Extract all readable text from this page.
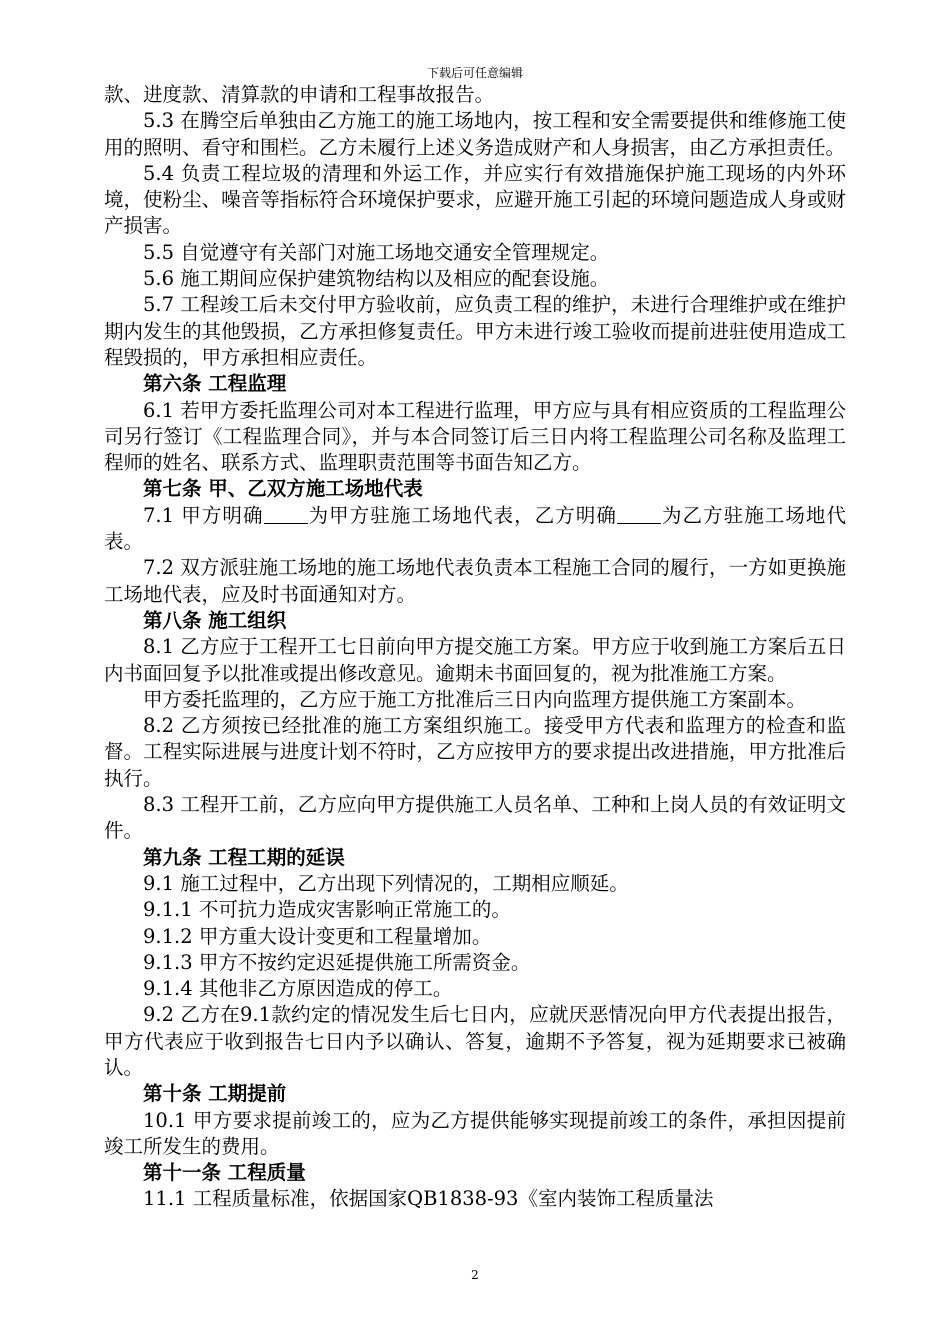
下载后可任意编辑

款、进度款、清算款的申请和工程事故报告。

5.3 在腾空后单独由乙方施工的施工场地内，按工程和安全需要提供和维修施工使用的照明、看守和围栏。乙方未履行上述义务造成财产和人身损害，由乙方承担责任。

5.4 负责工程垃圾的清理和外运工作，并应实行有效措施保护施工现场的内外环境，使粉尘、噪音等指标符合环境保护要求，应避开施工引起的环境问题造成人身或财产损害。

5.5 自觉遵守有关部门对施工场地交通安全管理规定。

5.6 施工期间应保护建筑物结构以及相应的配套设施。

5.7 工程竣工后未交付甲方验收前，应负责工程的维护，未进行合理维护或在维护期内发生的其他毁损，乙方承担修复责任。甲方未进行竣工验收而提前进驻使用造成工程毁损的，甲方承担相应责任。

第六条 工程监理

6.1 若甲方委托监理公司对本工程进行监理，甲方应与具有相应资质的工程监理公司另行签订《工程监理合同》，并与本合同签订后三日内将工程监理公司名称及监理工程师的姓名、联系方式、监理职责范围等书面告知乙方。

第七条 甲、乙双方施工场地代表

7.1 甲方明确 为甲方驻施工场地代表，乙方明确 为乙方驻施工场地代表。

7.2 双方派驻施工场地的施工场地代表负责本工程施工合同的履行，一方如更换施工场地代表，应及时书面通知对方。

第八条 施工组织

8.1 乙方应于工程开工七日前向甲方提交施工方案。甲方应于收到施工方案后五日内书面回复予以批准或提出修改意见。逾期未书面回复的，视为批准施工方案。

甲方委托监理的，乙方应于施工方批准后三日内向监理方提供施工方案副本。

8.2 乙方须按已经批准的施工方案组织施工。接受甲方代表和监理方的检查和监督。工程实际进展与进度计划不符时，乙方应按甲方的要求提出改进措施，甲方批准后执行。

8.3 工程开工前，乙方应向甲方提供施工人员名单、工种和上岗人员的有效证明文件。

第九条 工程工期的延误

9.1 施工过程中，乙方出现下列情况的，工期相应顺延。

9.1.1 不可抗力造成灾害影响正常施工的。

9.1.2 甲方重大设计变更和工程量增加。

9.1.3 甲方不按约定迟延提供施工所需资金。

9.1.4 其他非乙方原因造成的停工。

9.2 乙方在9.1款约定的情况发生后七日内，应就厌恶情况向甲方代表提出报告，甲方代表应于收到报告七日内予以确认、答复，逾期不予答复，视为延期要求已被确认。

第十条 工期提前

10.1 甲方要求提前竣工的，应为乙方提供能够实现提前竣工的条件，承担因提前竣工所发生的费用。

第十一条 工程质量

11.1 工程质量标准，依据国家QB1838-93《室内装饰工程质量法

2
